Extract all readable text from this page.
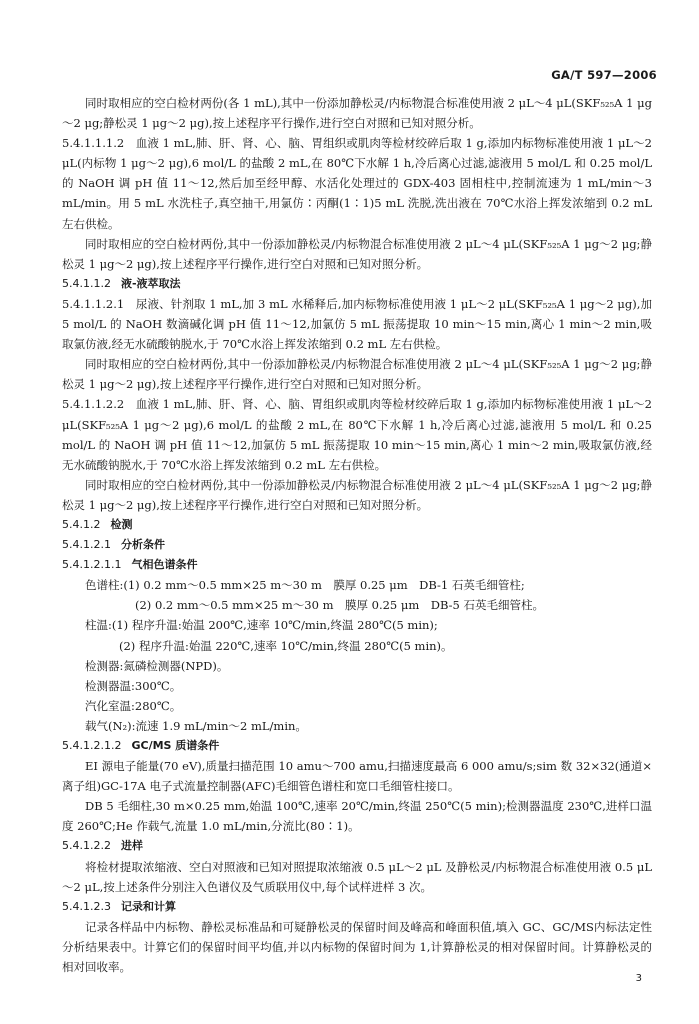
GA/T 597—2006

同时取相应的空白检材两份(各 1 mL),其中一份添加静松灵/内标物混合标准使用液 2 μL～4 μL(SKF₅₂₅A 1 μg～2 μg;静松灵 1 μg～2 μg),按上述程序平行操作,进行空白对照和已知对照分析。

5.4.1.1.1.2　 血液 1 mL,肺、肝、肾、心、脑、胃组织或肌肉等检材绞碎后取 1 g,添加内标物标准使用液 1 μL～2 μL(内标物 1 μg～2 μg),6 mol/L 的盐酸 2 mL,在 80℃下水解 1 h,冷后离心过滤,滤液用 5 mol/L 和 0.25 mol/L 的 NaOH 调 pH 值 11～12,然后加至经甲醇、水活化处理过的 GDX-403 固相柱中,控制流速为 1 mL/min～3 mL/min。用 5 mL 水洗柱子,真空抽干,用氯仿∶丙酮(1∶1)5 mL 洗脱,洗出液在 70℃水浴上挥发浓缩到 0.2 mL 左右供检。

同时取相应的空白检材两份,其中一份添加静松灵/内标物混合标准使用液 2 μL～4 μL(SKF₅₂₅A 1 μg～2 μg;静松灵 1 μg～2 μg),按上述程序平行操作,进行空白对照和已知对照分析。

5.4.1.1.2 液-液萃取法

5.4.1.1.2.1　 尿液、针剂取 1 mL,加 3 mL 水稀释后,加内标物标准使用液 1 μL～2 μL(SKF₅₂₅A 1 μg～2 μg),加 5 mol/L 的 NaOH 数滴碱化调 pH 值 11～12,加氯仿 5 mL 振荡提取 10 min～15 min,离心 1 min～2 min,吸取氯仿液,经无水硫酸钠脱水,于 70℃水浴上挥发浓缩到 0.2 mL 左右供检。

同时取相应的空白检材两份,其中一份添加静松灵/内标物混合标准使用液 2 μL～4 μL(SKF₅₂₅A 1 μg～2 μg;静松灵 1 μg～2 μg),按上述程序平行操作,进行空白对照和已知对照分析。

5.4.1.1.2.2　 血液 1 mL,肺、肝、肾、心、脑、胃组织或肌肉等检材绞碎后取 1 g,添加内标物标准使用液 1 μL～2 μL(SKF₅₂₅A 1 μg～2 μg),6 mol/L 的盐酸 2 mL,在 80℃下水解 1 h,冷后离心过滤,滤液用 5 mol/L 和 0.25 mol/L 的 NaOH 调 pH 值 11～12,加氯仿 5 mL 振荡提取 10 min～15 min,离心 1 min～2 min,吸取氯仿液,经无水硫酸钠脱水,于 70℃水浴上挥发浓缩到 0.2 mL 左右供检。

同时取相应的空白检材两份,其中一份添加静松灵/内标物混合标准使用液 2 μL～4 μL(SKF₅₂₅A 1 μg～2 μg;静松灵 1 μg～2 μg),按上述程序平行操作,进行空白对照和已知对照分析。

5.4.1.2 检测

5.4.1.2.1 分析条件

5.4.1.2.1.1 气相色谱条件

色谱柱:(1) 0.2 mm～0.5 mm×25 m～30 m　膜厚 0.25 μm　DB-1 石英毛细管柱;

(2) 0.2 mm～0.5 mm×25 m～30 m　膜厚 0.25 μm　DB-5 石英毛细管柱。

柱温:(1) 程序升温:始温 200℃,速率 10℃/min,终温 280℃(5 min);

(2) 程序升温:始温 220℃,速率 10℃/min,终温 280℃(5 min)。

检测器:氮磷检测器(NPD)。

检测器温:300℃。

汽化室温:280℃。

载气(N₂):流速 1.9 mL/min～2 mL/min。

5.4.1.2.1.2 GC/MS 质谱条件

EI 源电子能量(70 eV),质量扫描范围 10 amu～700 amu,扫描速度最高 6 000 amu/s;sim 数 32×32(通道×离子组)GC-17A 电子式流量控制器(AFC)毛细管色谱柱和宽口毛细管柱接口。

DB 5 毛细柱,30 m×0.25 mm,始温 100℃,速率 20℃/min,终温 250℃(5 min);检测器温度 230℃,进样口温度 260℃;He 作载气,流量 1.0 mL/min,分流比(80∶1)。

5.4.1.2.2 进样

将检材提取浓缩液、空白对照液和已知对照提取浓缩液 0.5 μL～2 μL 及静松灵/内标物混合标准使用液 0.5 μL～2 μL,按上述条件分别注入色谱仪及气质联用仪中,每个试样进样 3 次。

5.4.1.2.3 记录和计算

记录各样品中内标物、静松灵标准品和可疑静松灵的保留时间及峰高和峰面积值,填入 GC、GC/MS内标法定性分析结果表中。计算它们的保留时间平均值,并以内标物的保留时间为 1,计算静松灵的相对保留时间。计算静松灵的相对回收率。

3
